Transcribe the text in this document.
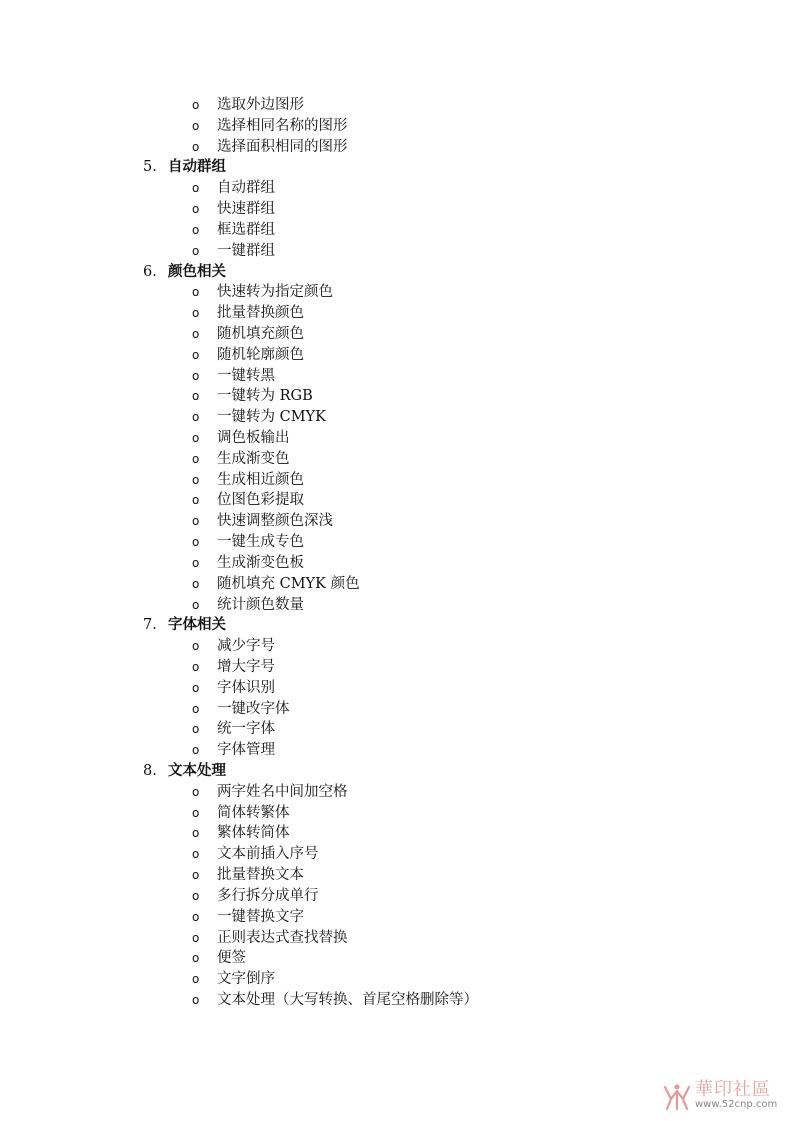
o 选取外边图形
o 选择相同名称的图形
o 选择面积相同的图形
5. 自动群组
o 自动群组
o 快速群组
o 框选群组
o 一键群组
6. 颜色相关
o 快速转为指定颜色
o 批量替换颜色
o 随机填充颜色
o 随机轮廓颜色
o 一键转黑
o 一键转为 RGB
o 一键转为 CMYK
o 调色板输出
o 生成渐变色
o 生成相近颜色
o 位图色彩提取
o 快速调整颜色深浅
o 一键生成专色
o 生成渐变色板
o 随机填充 CMYK 颜色
o 统计颜色数量
7. 字体相关
o 减少字号
o 增大字号
o 字体识别
o 一键改字体
o 统一字体
o 字体管理
8. 文本处理
o 两字姓名中间加空格
o 简体转繁体
o 繁体转简体
o 文本前插入序号
o 批量替换文本
o 多行拆分成单行
o 一键替换文字
o 正则表达式查找替换
o 便签
o 文字倒序
o 文本处理（大写转换、首尾空格删除等）
華印社區
www.52cnp.com
